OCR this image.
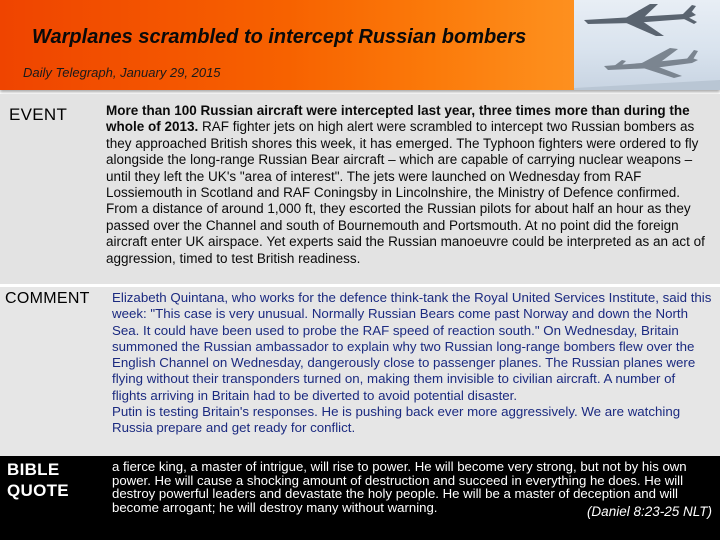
Warplanes scrambled to intercept Russian bombers

Daily Telegraph, January 29, 2015

EVENT	More than 100 Russian aircraft were intercepted last year, three times more than during the whole of 2013. RAF fighter jets on high alert were scrambled to intercept two Russian bombers as they approached British shores this week, it has emerged. The Typhoon fighters were ordered to fly alongside the long-range Russian Bear aircraft – which are capable of carrying nuclear weapons – until they left the UK's "area of interest". The jets were launched on Wednesday from RAF Lossiemouth in Scotland and RAF Coningsby in Lincolnshire, the Ministry of Defence confirmed. From a distance of around 1,000 ft, they escorted the Russian pilots for about half an hour as they passed over the Channel and south of Bournemouth and Portsmouth. At no point did the foreign aircraft enter UK airspace. Yet experts said the Russian manoeuvre could be interpreted as an act of aggression, timed to test British readiness.

COMMENT Elizabeth Quintana, who works for the defence think-tank the Royal United Services Institute, said this week: "This case is very unusual. Normally Russian Bears come past Norway and down the North Sea. It could have been used to probe the RAF speed of reaction south." On Wednesday, Britain summoned the Russian ambassador to explain why two Russian long-range bombers flew over the English Channel on Wednesday, dangerously close to passenger planes. The Russian planes were flying without their transponders turned on, making them invisible to civilian aircraft. A number of flights arriving in Britain had to be diverted to avoid potential disaster.

Putin is testing Britain's responses. He is pushing back ever more aggressively. We are watching Russia prepare and get ready for conflict.

BIBLE QUOTE

a fierce king, a master of intrigue, will rise to power. He will become very strong, but not by his own power. He will cause a shocking amount of destruction and succeed in everything he does. He will destroy powerful leaders and devastate the holy people. He will be a master of deception and will become arrogant; he will destroy many without warning.	(Daniel 8:23-25 NLT)
